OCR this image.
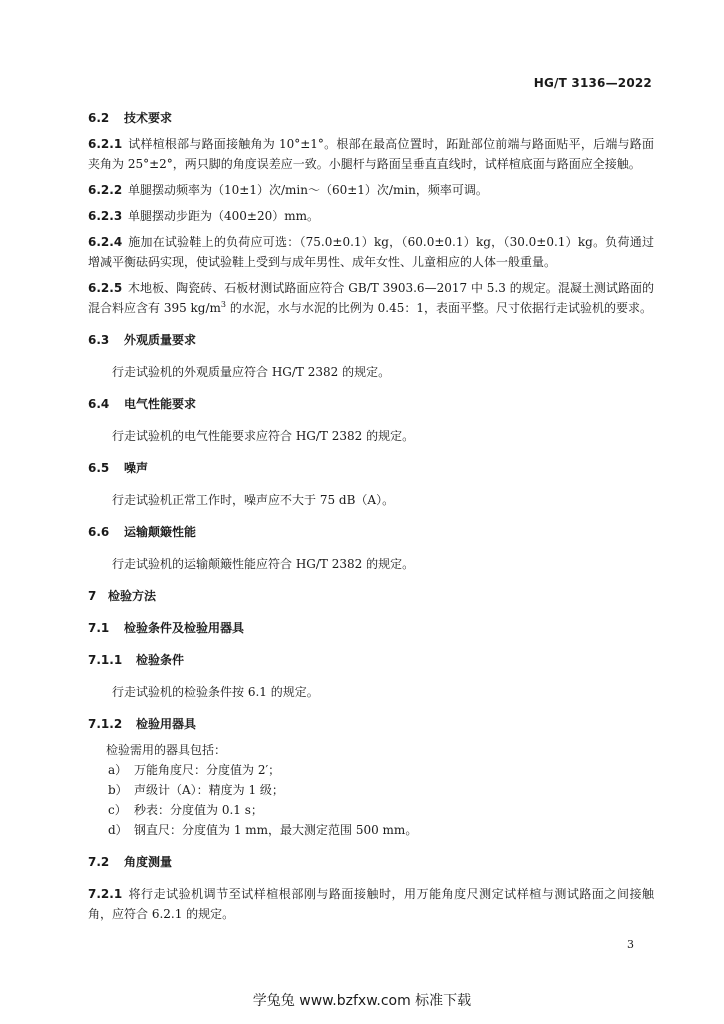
HG/T 3136—2022

6.2 技术要求

6.2.1 试样楦根部与路面接触角为 10°±1°。根部在最高位置时，跖趾部位前端与路面贴平，后端与路面夹角为 25°±2°，两只脚的角度误差应一致。小腿杆与路面呈垂直直线时，试样楦底面与路面应全接触。

6.2.2 单腿摆动频率为（10±1）次/min～（60±1）次/min，频率可调。

6.2.3 单腿摆动步距为（400±20）mm。

6.2.4 施加在试验鞋上的负荷应可选：（75.0±0.1）kg，（60.0±0.1）kg，（30.0±0.1）kg。负荷通过增减平衡砝码实现，使试验鞋上受到与成年男性、成年女性、儿童相应的人体一般重量。

6.2.5 木地板、陶瓷砖、石板材测试路面应符合 GB/T 3903.6—2017 中 5.3 的规定。混凝土测试路面的混合料应含有 395 $kg/m^3$ 的水泥，水与水泥的比例为 0.45：1，表面平整。尺寸依据行走试验机的要求。

6.3 外观质量要求

行走试验机的外观质量应符合 HG/T 2382 的规定。

6.4 电气性能要求

行走试验机的电气性能要求应符合 HG/T 2382 的规定。

6.5 噪声

行走试验机正常工作时，噪声应不大于 75 dB（A）。

6.6 运输颠簸性能

行走试验机的运输颠簸性能应符合 HG/T 2382 的规定。

7 检验方法

7.1 检验条件及检验用器具

7.1.1 检验条件

行走试验机的检验条件按 6.1 的规定。

7.1.2 检验用器具

检验需用的器具包括：

a） 万能角度尺：分度值为 2′；

b） 声级计（A）：精度为 1 级；

c） 秒表：分度值为 0.1 s；

d） 钢直尺：分度值为 1 mm，最大测定范围 500 mm。

7.2 角度测量

7.2.1 将行走试验机调节至试样楦根部刚与路面接触时，用万能角度尺测定试样楦与测试路面之间接触角，应符合 6.2.1 的规定。

3
学兔兔 www.bzfxw.com 标准下载
